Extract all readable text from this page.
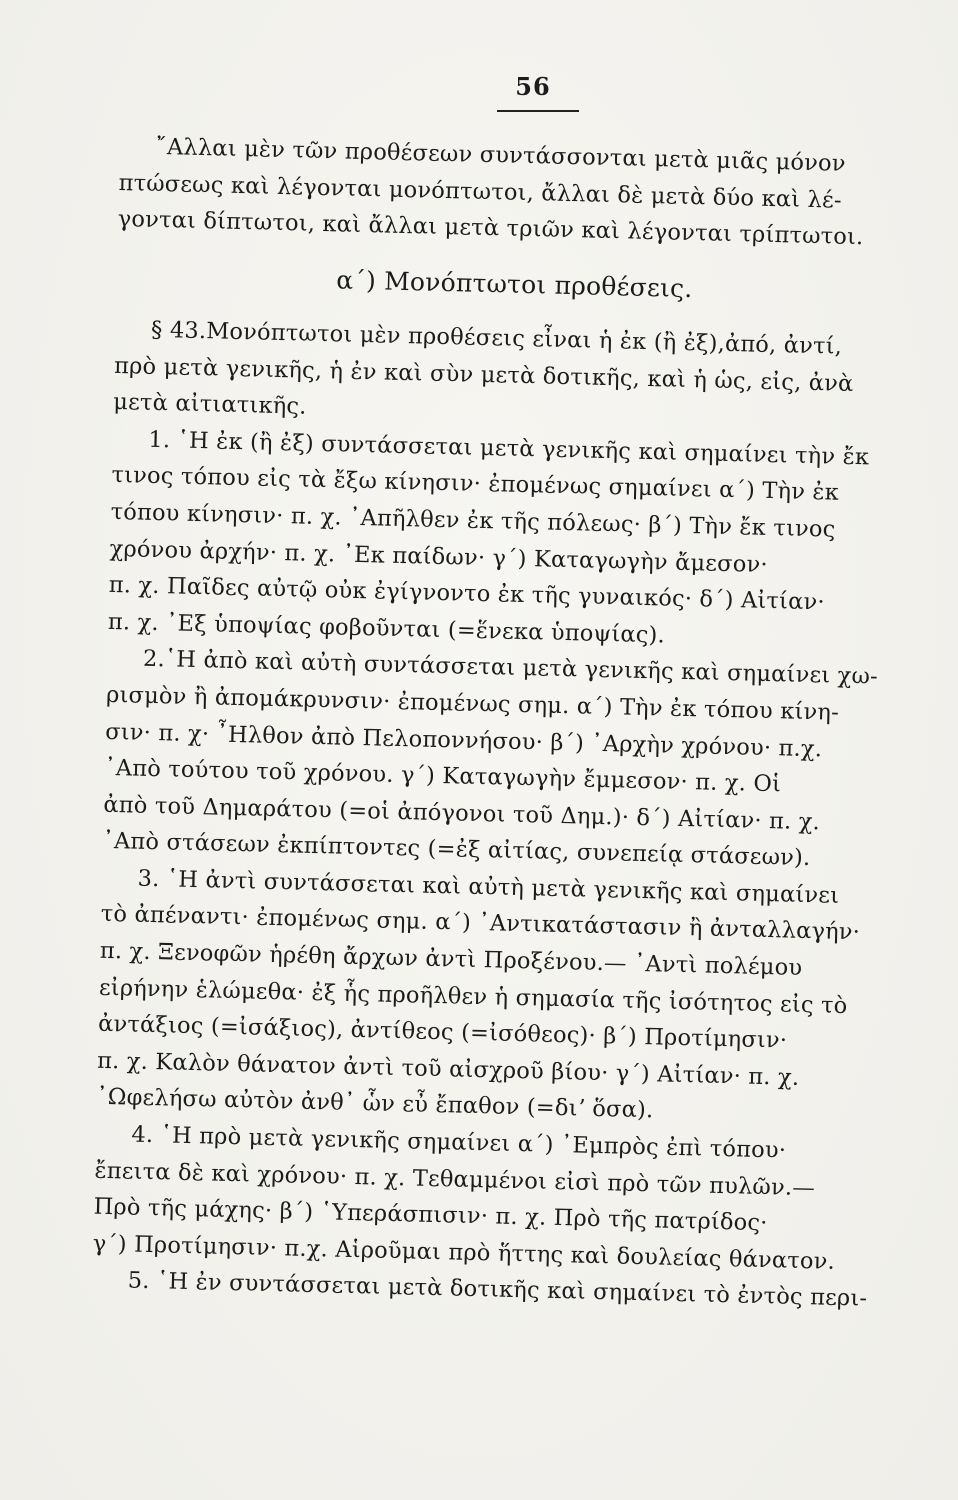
56
῎Αλλαι μὲν τῶν προθέσεων συντάσσονται μετὰ μιᾶς μόνον
πτώσεως καὶ λέγονται μονόπτωτοι, ἄλλαι δὲ μετὰ δύο καὶ λέ-
γονται δίπτωτοι, καὶ ἄλλαι μετὰ τριῶν καὶ λέγονται τρίπτωτοι.
α΄) Μονόπτωτοι προθέσεις.
§ 43.Μονόπτωτοι μὲν προθέσεις εἶναι ἡ ἐκ (ἢ ἐξ),ἀπό, ἀντί,
πρὸ μετὰ γενικῆς, ἡ ἐν καὶ σὺν μετὰ δοτικῆς, καὶ ἡ ὡς, εἰς, ἀνὰ
μετὰ αἰτιατικῆς.
1. ῾Η ἐκ (ἢ ἐξ) συντάσσεται μετὰ γενικῆς καὶ σημαίνει τὴν ἔκ
τινος τόπου εἰς τὰ ἔξω κίνησιν· ἐπομένως σημαίνει α΄) Τὴν ἐκ
τόπου κίνησιν· π. χ. ᾿Απῆλθεν ἐκ τῆς πόλεως· β΄) Τὴν ἔκ τινος
χρόνου ἀρχήν· π. χ. ᾿Εκ παίδων· γ΄) Καταγωγὴν ἄμεσον·
π. χ. Παῖδες αὐτῷ οὐκ ἐγίγνοντο ἐκ τῆς γυναικός· δ΄) Αἰτίαν·
π. χ. ᾿Εξ ὑποψίας φοβοῦνται (=ἕνεκα ὑποψίας).
2.῾Η ἀπὸ καὶ αὐτὴ συντάσσεται μετὰ γενικῆς καὶ σημαίνει χω-
ρισμὸν ἢ ἀπομάκρυνσιν· ἐπομένως σημ. α΄) Τὴν ἐκ τόπου κίνη-
σιν· π. χ· ῏Ηλθον ἀπὸ Πελοποννήσου· β΄) ᾿Αρχὴν χρόνου· π.χ.
᾿Απὸ τούτου τοῦ χρόνου. γ΄) Καταγωγὴν ἔμμεσον· π. χ. Οἱ
ἀπὸ τοῦ Δημαράτου (=οἱ ἀπόγονοι τοῦ Δημ.)· δ΄) Αἰτίαν· π. χ.
᾿Απὸ στάσεων ἐκπίπτοντες (=ἐξ αἰτίας, συνεπείᾳ στάσεων).
3. ῾Η ἀντὶ συντάσσεται καὶ αὐτὴ μετὰ γενικῆς καὶ σημαίνει
τὸ ἀπέναντι· ἐπομένως σημ. α΄) ᾿Αντικατάστασιν ἢ ἀνταλλαγήν·
π. χ. Ξενοφῶν ἡρέθη ἄρχων ἀντὶ Προξένου.— ᾿Αντὶ πολέμου
εἰρήνην ἑλώμεθα· ἐξ ἧς προῆλθεν ἡ σημασία τῆς ἰσότητος εἰς τὸ
ἀντάξιος (=ἰσάξιος), ἀντίθεος (=ἰσόθεος)· β΄) Προτίμησιν·
π. χ. Καλὸν θάνατον ἀντὶ τοῦ αἰσχροῦ βίου· γ΄) Αἰτίαν· π. χ.
᾿Ωφελήσω αὐτὸν ἀνθ᾿ ὧν εὖ ἔπαθον (=διʼ ὅσα).
4. ῾Η πρὸ μετὰ γενικῆς σημαίνει α΄) ᾿Εμπρὸς ἐπὶ τόπου·
ἔπειτα δὲ καὶ χρόνου· π. χ. Τεθαμμένοι εἰσὶ πρὸ τῶν πυλῶν.—
Πρὸ τῆς μάχης· β΄) ῾Υπεράσπισιν· π. χ. Πρὸ τῆς πατρίδος·
γ΄) Προτίμησιν· π.χ. Αἱροῦμαι πρὸ ἥττης καὶ δουλείας θάνατον.
5. ῾Η ἐν συντάσσεται μετὰ δοτικῆς καὶ σημαίνει τὸ ἐντὸς περι-
